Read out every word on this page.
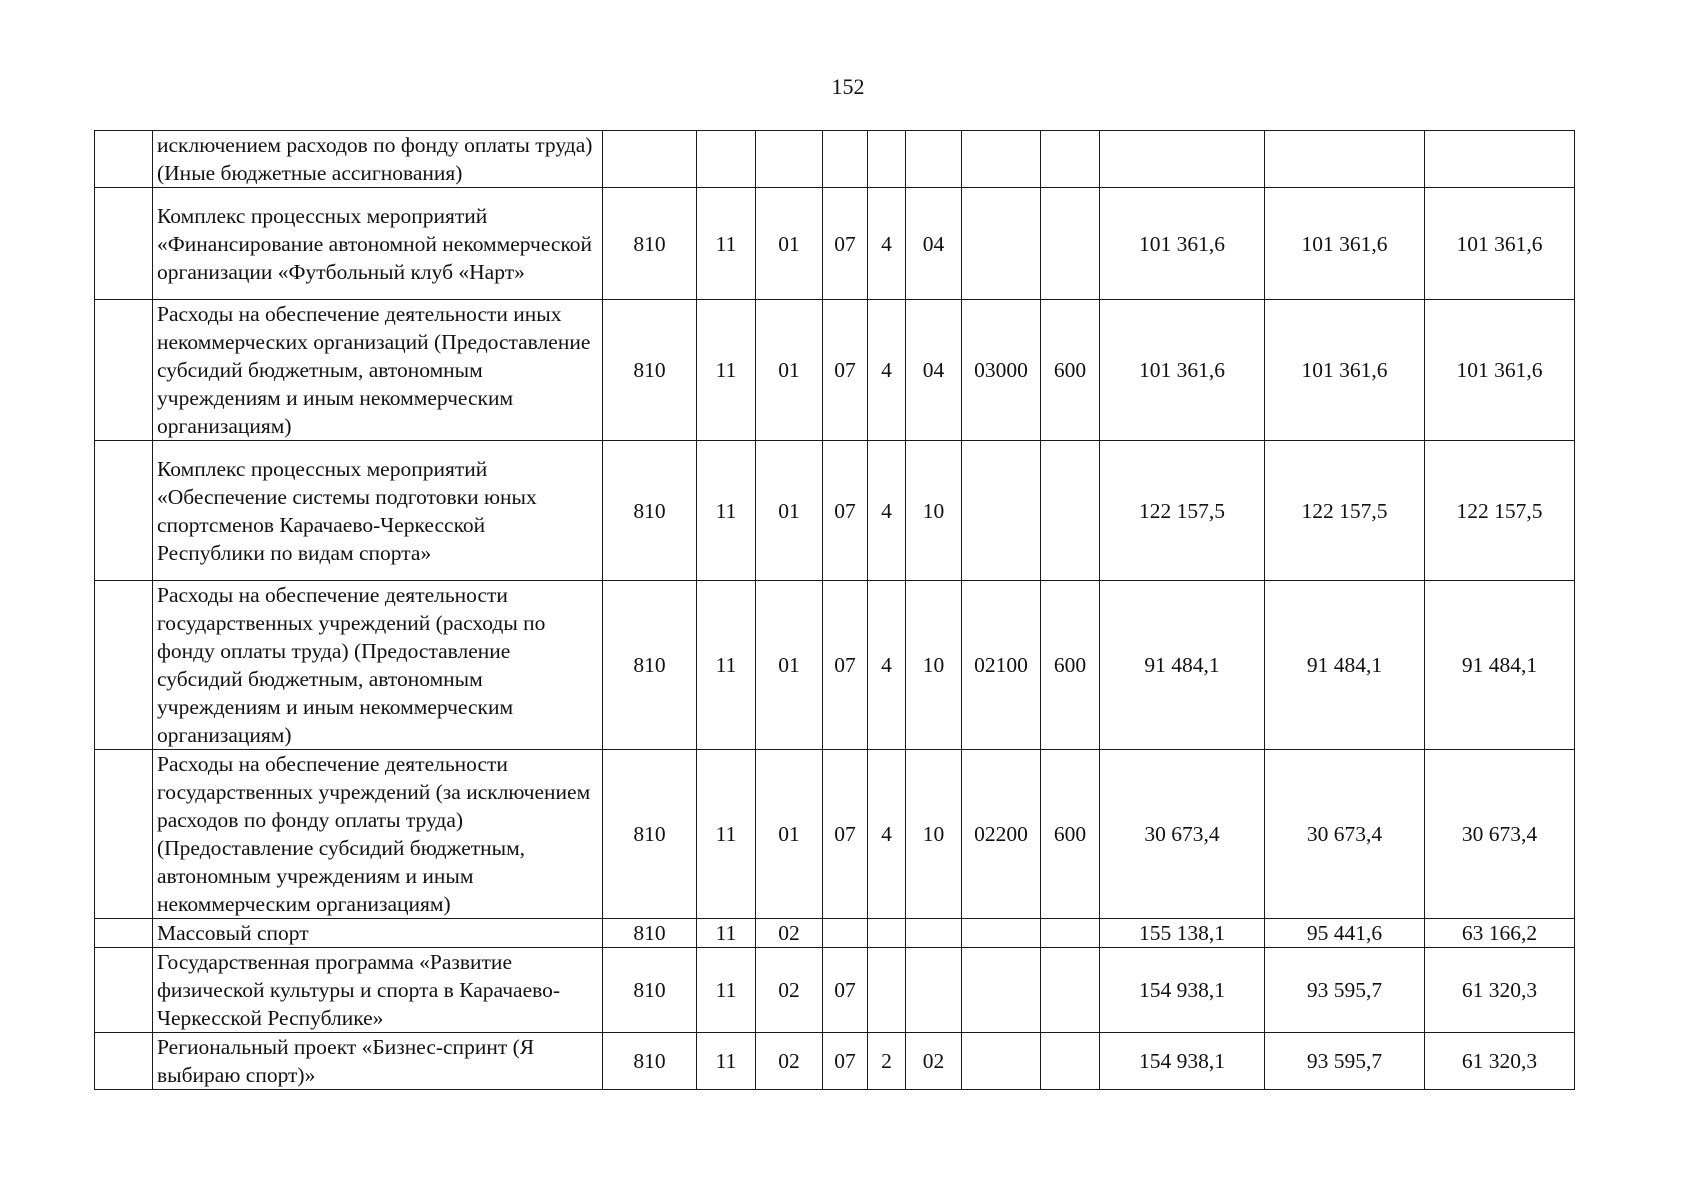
152
	исключением расходов по фонду оплаты труда) (Иные бюджетные ассигнования)											
	Комплекс процессных мероприятий «Финансирование автономной некоммерческой организации «Футбольный клуб «Нарт»	810	11	01	07	4	04			101 361,6	101 361,6	101 361,6
	Расходы на обеспечение деятельности иных некоммерческих организаций (Предоставление субсидий бюджетным, автономным учреждениям и иным некоммерческим организациям)	810	11	01	07	4	04	03000	600	101 361,6	101 361,6	101 361,6
	Комплекс процессных мероприятий «Обеспечение системы подготовки юных спортсменов Карачаево-Черкесской Республики по видам спорта»	810	11	01	07	4	10			122 157,5	122 157,5	122 157,5
	Расходы на обеспечение деятельности государственных учреждений (расходы по фонду оплаты труда) (Предоставление субсидий бюджетным, автономным учреждениям и иным некоммерческим организациям)	810	11	01	07	4	10	02100	600	91 484,1	91 484,1	91 484,1
	Расходы на обеспечение деятельности государственных учреждений (за исключением расходов по фонду оплаты труда) (Предоставление субсидий бюджетным, автономным учреждениям и иным некоммерческим организациям)	810	11	01	07	4	10	02200	600	30 673,4	30 673,4	30 673,4
	Массовый спорт	810	11	02						155 138,1	95 441,6	63 166,2
	Государственная программа «Развитие физической культуры и спорта в Карачаево-Черкесской Республике»	810	11	02	07					154 938,1	93 595,7	61 320,3
	Региональный проект «Бизнес-спринт (Я выбираю спорт)»	810	11	02	07	2	02			154 938,1	93 595,7	61 320,3
